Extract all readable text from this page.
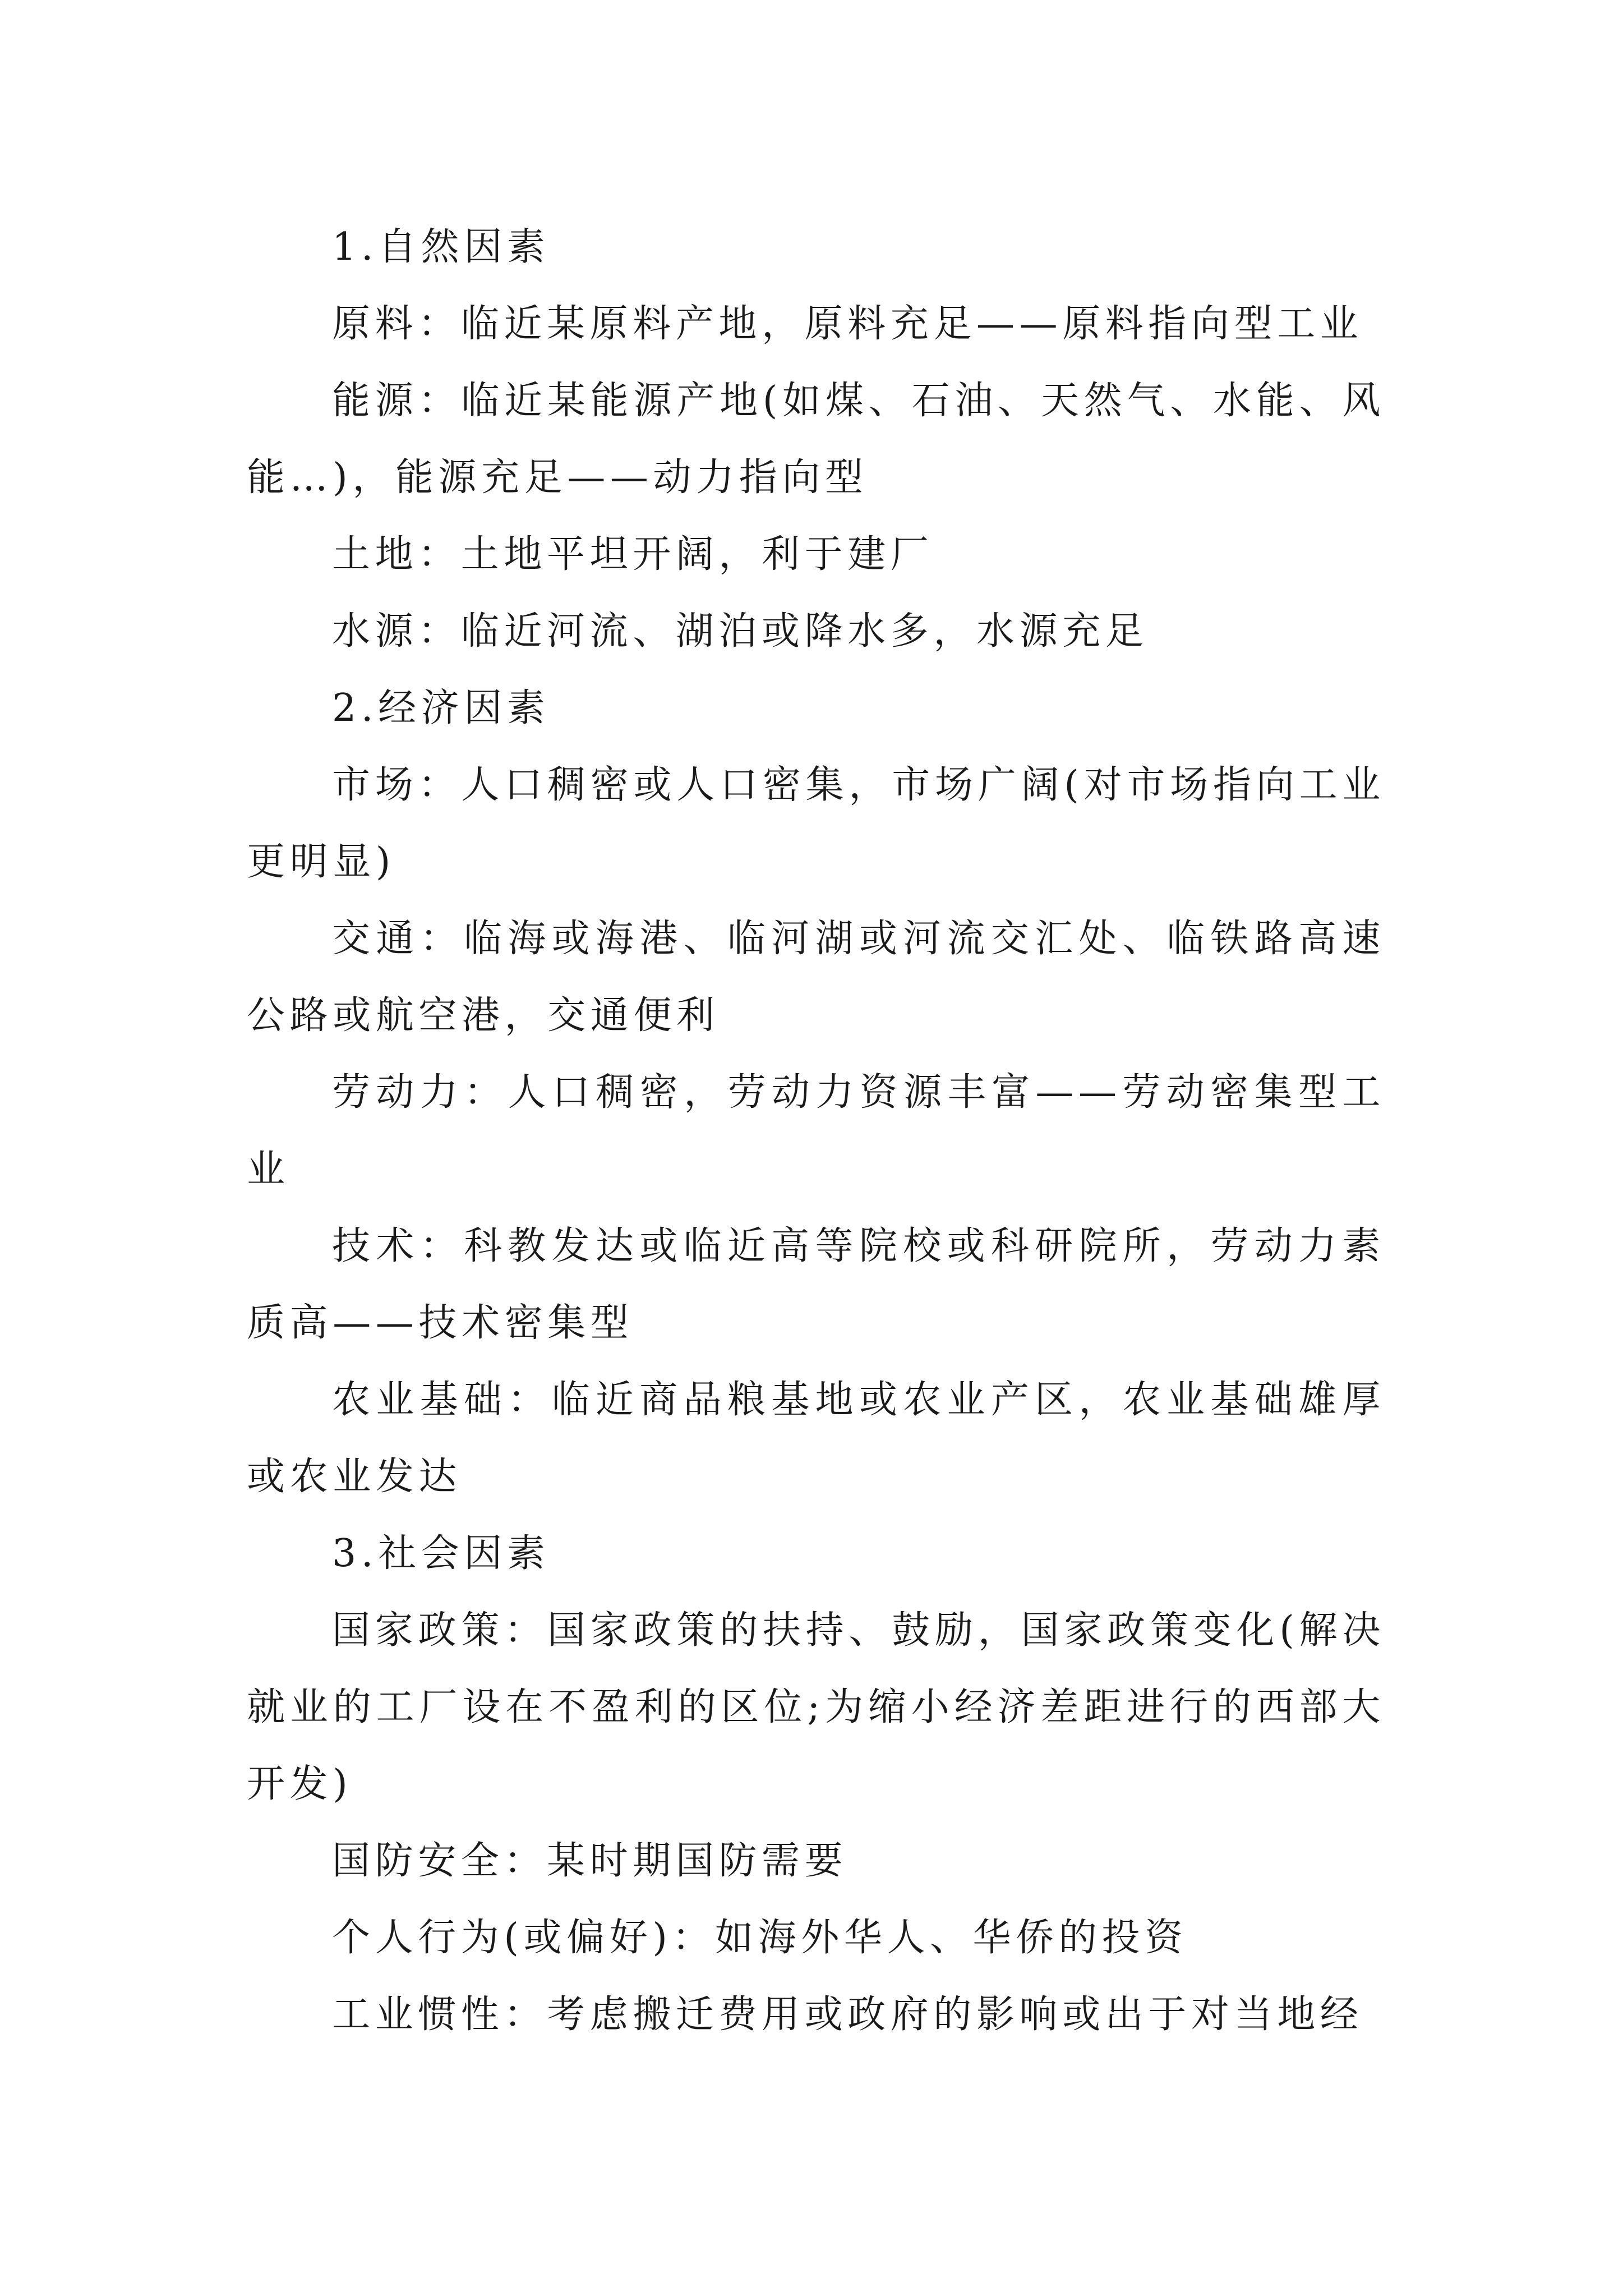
1.自然因素

原料：临近某原料产地，原料充足——原料指向型工业

能源：临近某能源产地(如煤、石油、天然气、水能、风能…)，能源充足——动力指向型

土地：土地平坦开阔，利于建厂

水源：临近河流、湖泊或降水多，水源充足

2.经济因素

市场：人口稠密或人口密集，市场广阔(对市场指向工业更明显)

交通：临海或海港、临河湖或河流交汇处、临铁路高速公路或航空港，交通便利

劳动力：人口稠密，劳动力资源丰富——劳动密集型工业

技术：科教发达或临近高等院校或科研院所，劳动力素质高——技术密集型

农业基础：临近商品粮基地或农业产区，农业基础雄厚或农业发达

3.社会因素

国家政策：国家政策的扶持、鼓励，国家政策变化(解决就业的工厂设在不盈利的区位;为缩小经济差距进行的西部大开发)

国防安全：某时期国防需要

个人行为(或偏好)：如海外华人、华侨的投资

工业惯性：考虑搬迁费用或政府的影响或出于对当地经
